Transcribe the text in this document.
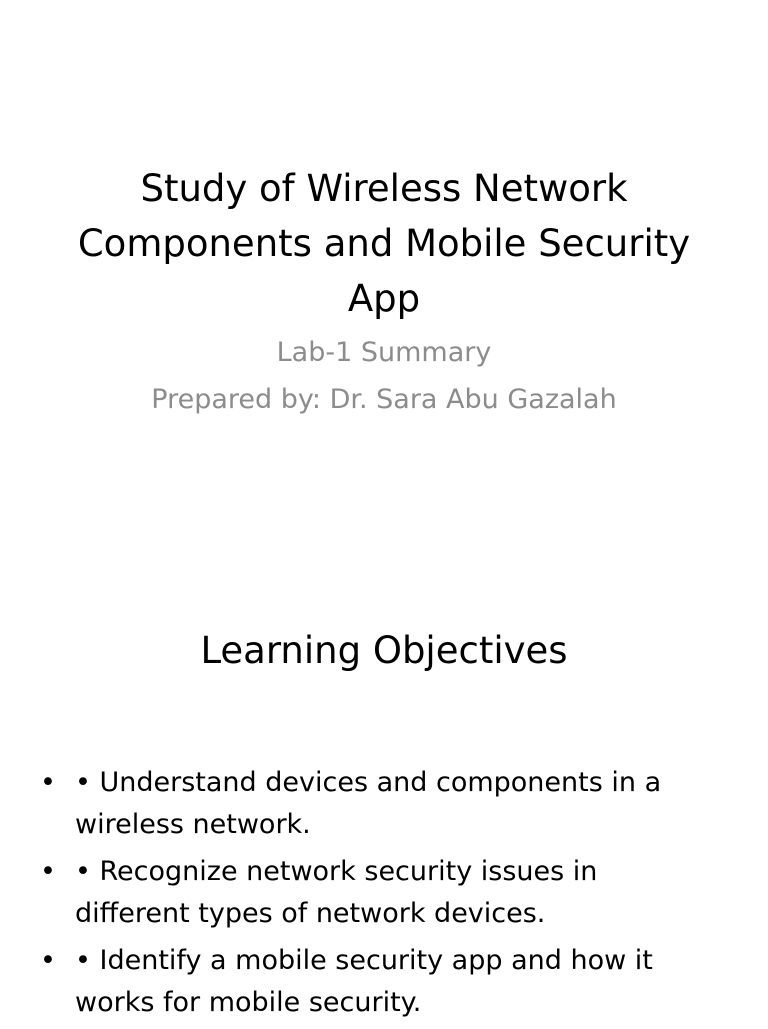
Study of Wireless Network
Components and Mobile Security
App
Lab-1 Summary
Prepared by: Dr. Sara Abu Gazalah
Learning Objectives
• • Understand devices and components in a wireless network.
• • Recognize network security issues in different types of network devices.
• • Identify a mobile security app and how it works for mobile security.
